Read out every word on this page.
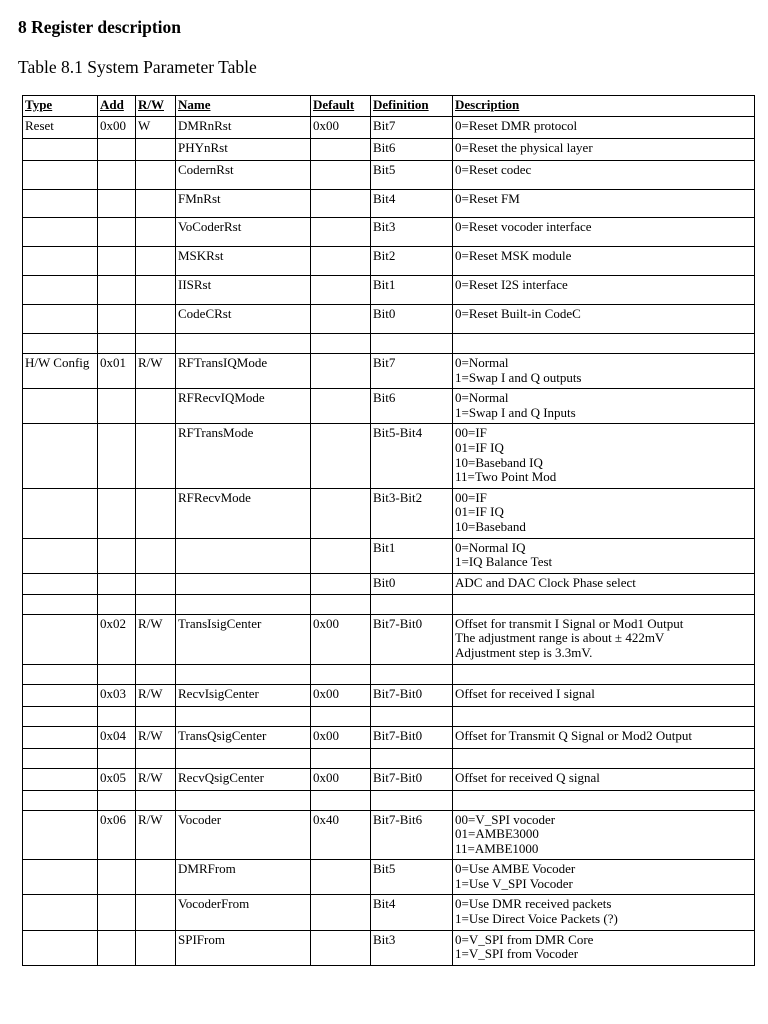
8 Register description
Table 8.1 System Parameter Table
Type	Add	R/W	Name	Default	Definition	Description
Reset	0x00	W	DMRnRst	0x00	Bit7	0=Reset DMR protocol
			PHYnRst		Bit6	0=Reset the physical layer
			CodernRst		Bit5	0=Reset codec
			FMnRst		Bit4	0=Reset FM
			VoCoderRst		Bit3	0=Reset vocoder interface
			MSKRst		Bit2	0=Reset MSK module
			IISRst		Bit1	0=Reset I2S interface
			CodeCRst		Bit0	0=Reset Built-in CodeC

H/W Config	0x01	R/W	RFTransIQMode		Bit7	0=Normal
1=Swap I and Q outputs
			RFRecvIQMode		Bit6	0=Normal
1=Swap I and Q Inputs
			RFTransMode		Bit5-Bit4	00=IF
01=IF IQ
10=Baseband IQ
11=Two Point Mod
			RFRecvMode		Bit3-Bit2	00=IF
01=IF IQ
10=Baseband
					Bit1	0=Normal IQ
1=IQ Balance Test
					Bit0	ADC and DAC Clock Phase select

	0x02	R/W	TransIsigCenter	0x00	Bit7-Bit0	Offset for transmit I Signal or Mod1 Output
The adjustment range is about ± 422mV
Adjustment step is 3.3mV.

	0x03	R/W	RecvIsigCenter	0x00	Bit7-Bit0	Offset for received I signal

	0x04	R/W	TransQsigCenter	0x00	Bit7-Bit0	Offset for Transmit Q Signal or Mod2 Output

	0x05	R/W	RecvQsigCenter	0x00	Bit7-Bit0	Offset for received Q signal

	0x06	R/W	Vocoder	0x40	Bit7-Bit6	00=V_SPI vocoder
01=AMBE3000
11=AMBE1000
			DMRFrom		Bit5	0=Use AMBE Vocoder
1=Use V_SPI Vocoder
			VocoderFrom		Bit4	0=Use DMR received packets
1=Use Direct Voice Packets (?)
			SPIFrom		Bit3	0=V_SPI from DMR Core
1=V_SPI from Vocoder
